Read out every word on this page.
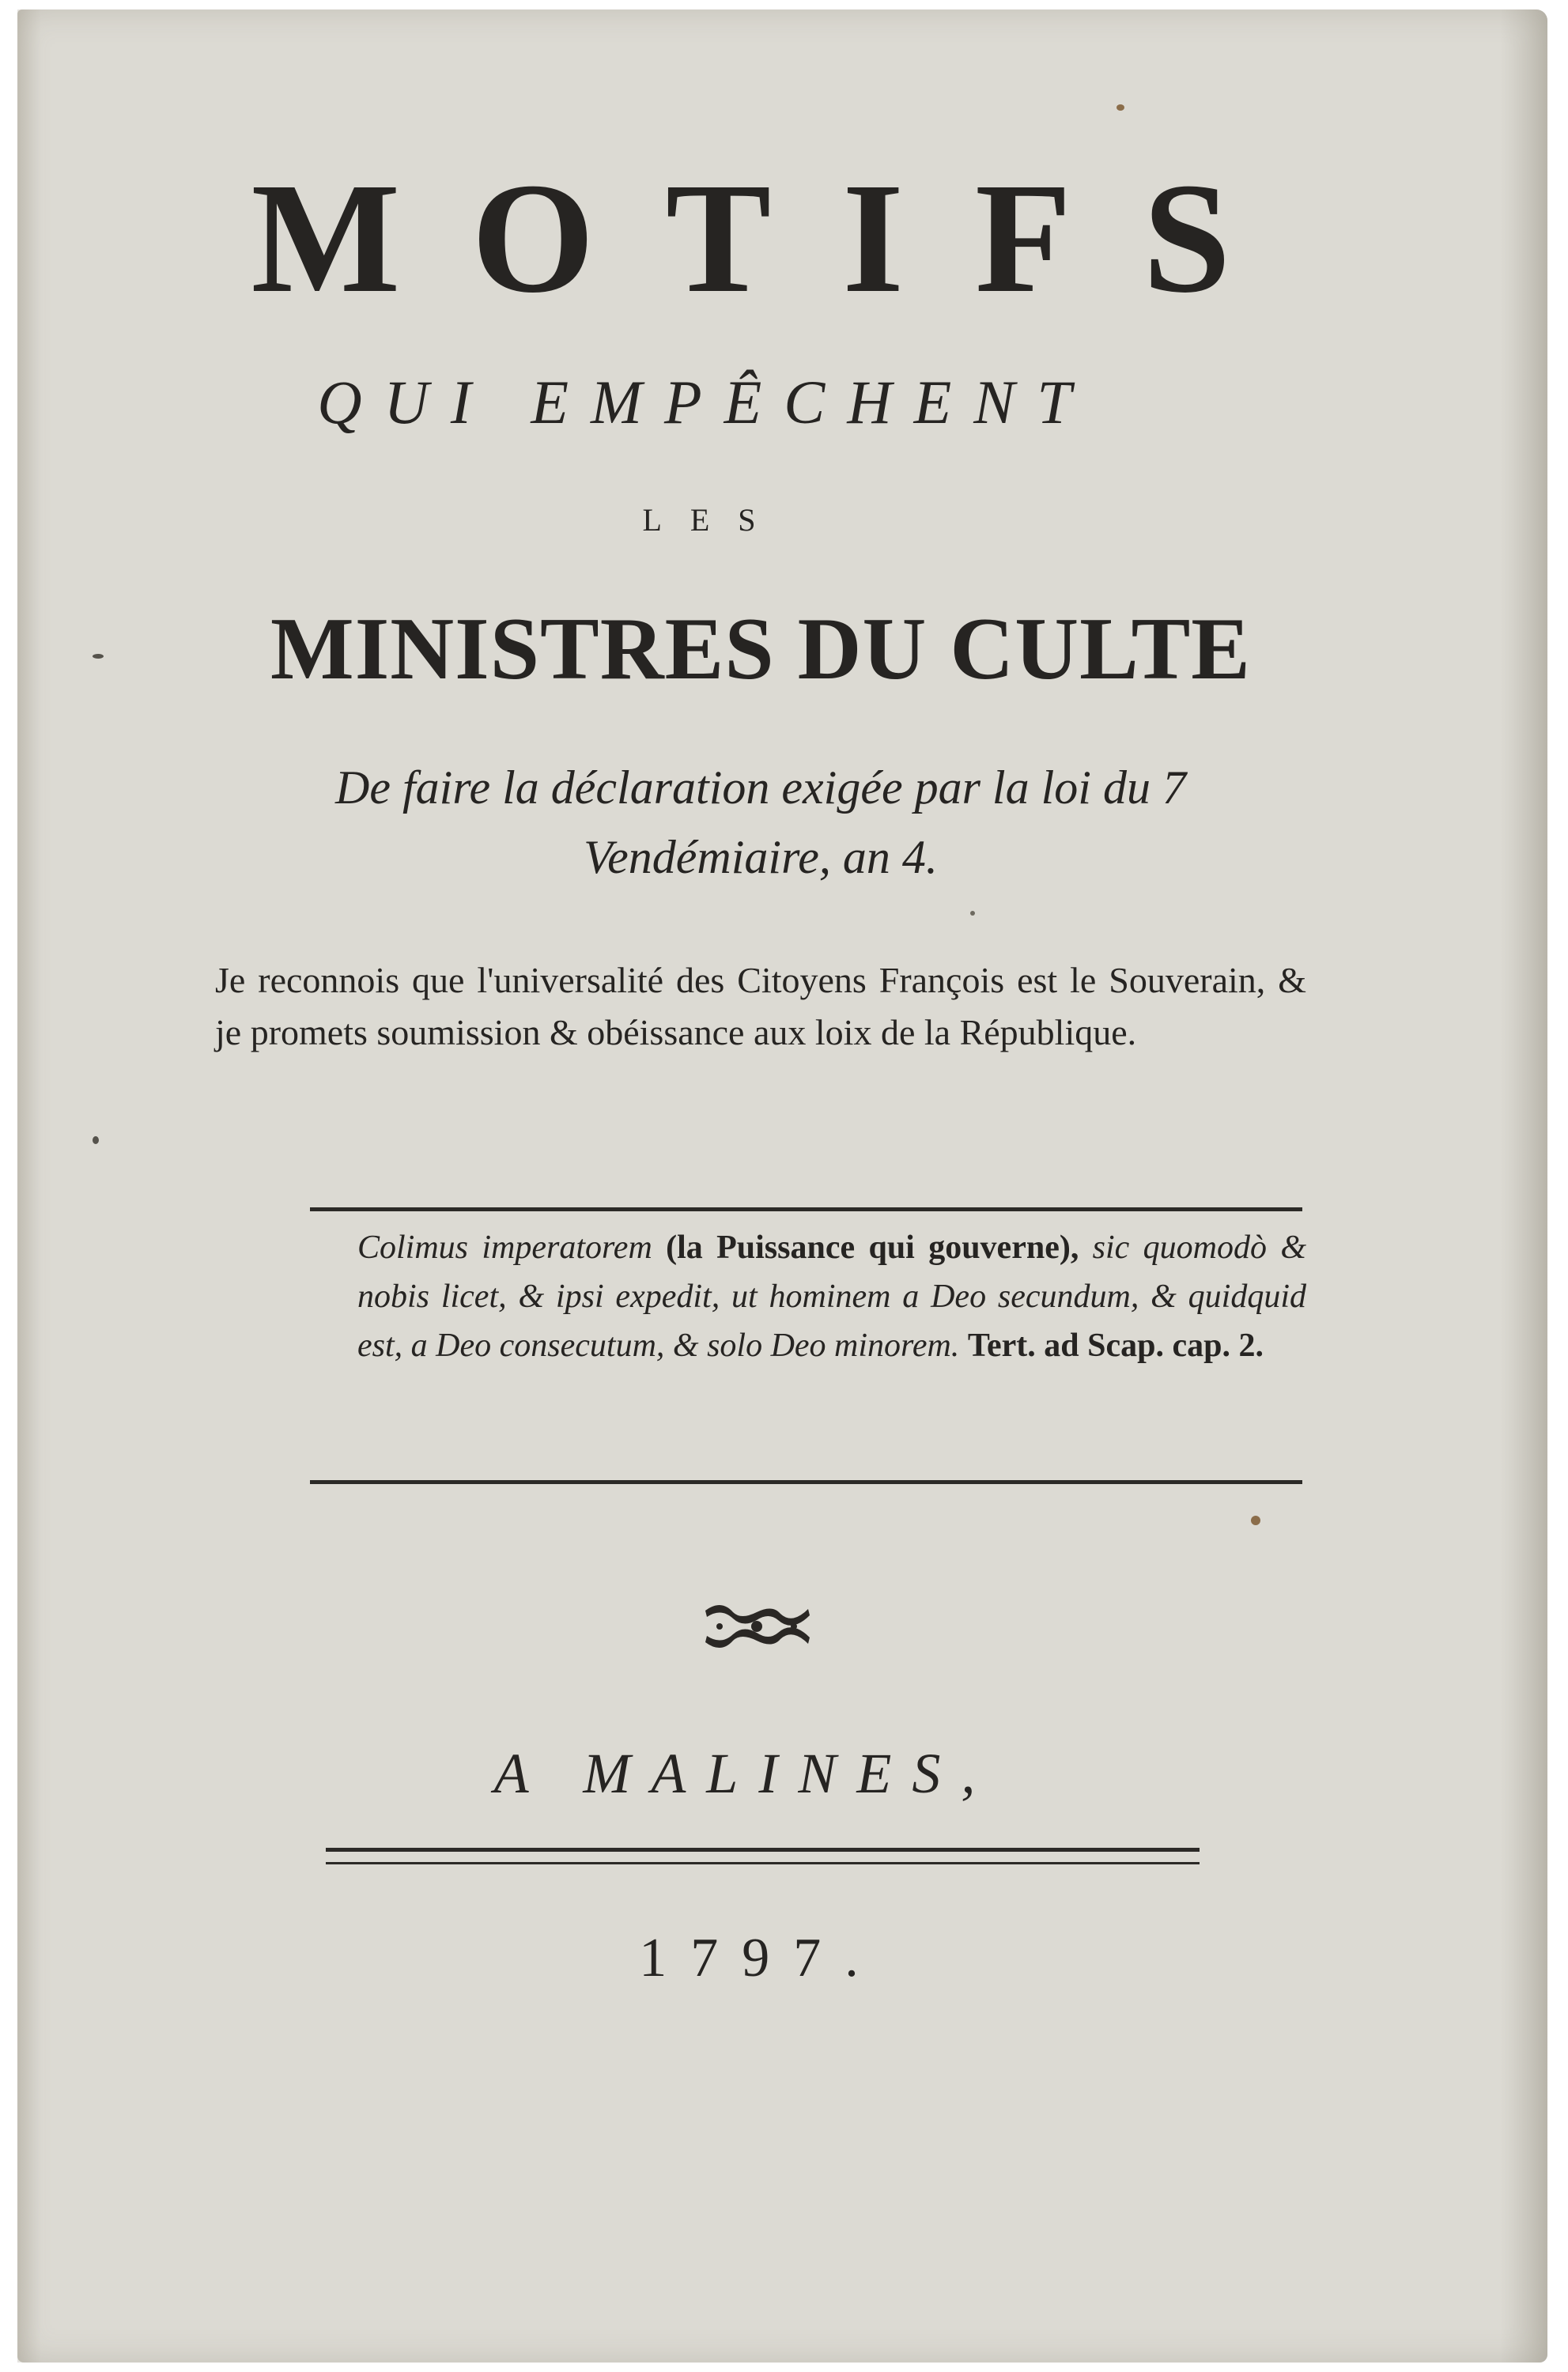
MOTIFS

QUI EMPÊCHENT

LES

MINISTRES DU CULTE

De faire la déclaration exigée par la loi du 7 Vendémiaire, an 4.

Je reconnois que l'universalité des Citoyens François est le Souverain, & je promets soumission & obéissance aux loix de la République.

Colimus imperatorem (la Puissance qui gouverne), sic quomodò & nobis licet, & ipsi expedit, ut hominem a Deo secundum, & quidquid est, a Deo consecutum, & solo Deo minorem. Tert. ad Scap. cap. 2.

A MALINES,

1797.
